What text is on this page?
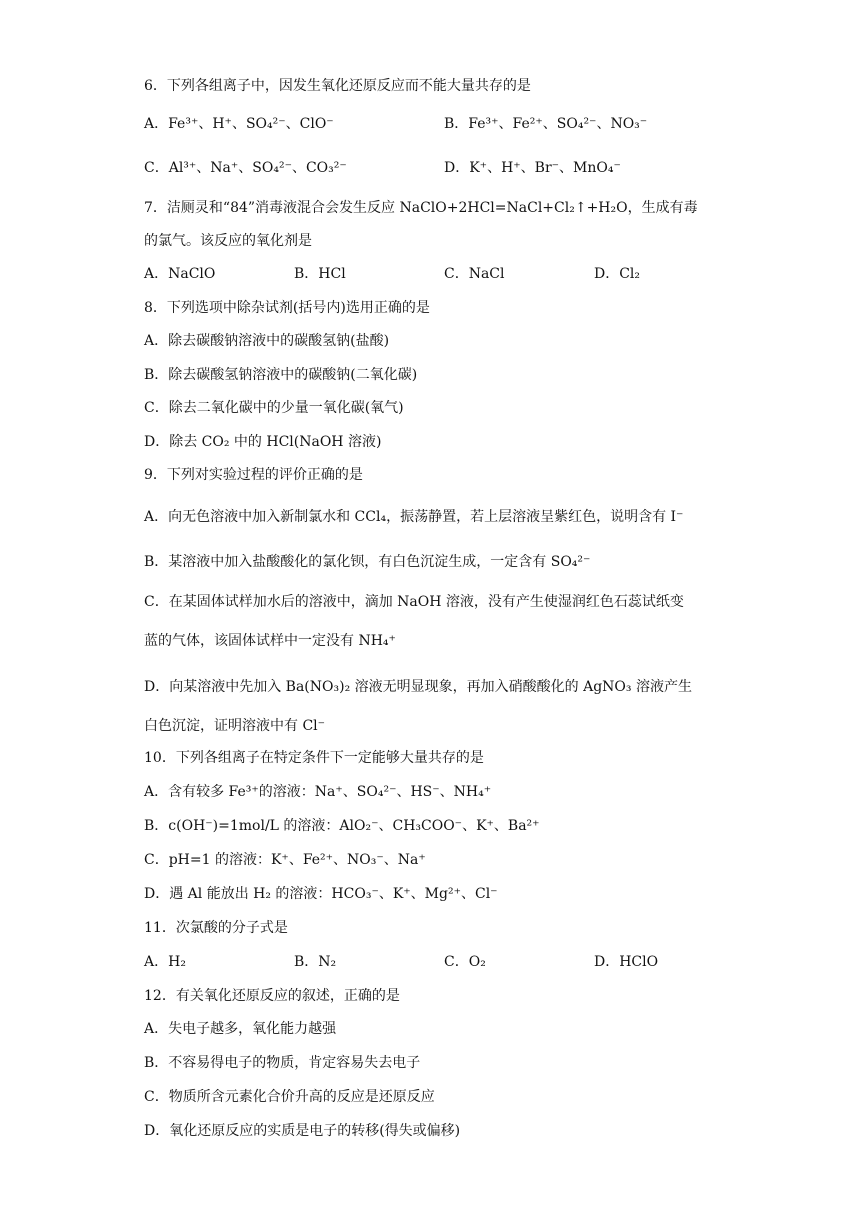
6．下列各组离子中，因发生氧化还原反应而不能大量共存的是
A．Fe³⁺、H⁺、SO₄²⁻、ClO⁻	B．Fe³⁺、Fe²⁺、SO₄²⁻、NO₃⁻
C．Al³⁺、Na⁺、SO₄²⁻、CO₃²⁻	D．K⁺、H⁺、Br⁻、MnO₄⁻
7．洁厕灵和“84”消毒液混合会发生反应 NaClO+2HCl=NaCl+Cl₂↑+H₂O，生成有毒
的氯气。该反应的氧化剂是
A．NaClO	B．HCl	C．NaCl	D．Cl₂
8．下列选项中除杂试剂(括号内)选用正确的是
A．除去碳酸钠溶液中的碳酸氢钠(盐酸)
B．除去碳酸氢钠溶液中的碳酸钠(二氧化碳)
C．除去二氧化碳中的少量一氧化碳(氧气)
D．除去 CO₂ 中的 HCl(NaOH 溶液)
9．下列对实验过程的评价正确的是
A．向无色溶液中加入新制氯水和 CCl₄，振荡静置，若上层溶液呈紫红色，说明含有 I⁻
B．某溶液中加入盐酸酸化的氯化钡，有白色沉淀生成，一定含有 SO₄²⁻
C．在某固体试样加水后的溶液中，滴加 NaOH 溶液，没有产生使湿润红色石蕊试纸变
蓝的气体，该固体试样中一定没有 NH₄⁺
D．向某溶液中先加入 Ba(NO₃)₂ 溶液无明显现象，再加入硝酸酸化的 AgNO₃ 溶液产生
白色沉淀，证明溶液中有 Cl⁻
10．下列各组离子在特定条件下一定能够大量共存的是
A．含有较多 Fe³⁺的溶液：Na⁺、SO₄²⁻、HS⁻、NH₄⁺
B．c(OH⁻)=1mol/L 的溶液：AlO₂⁻、CH₃COO⁻、K⁺、Ba²⁺
C．pH=1 的溶液：K⁺、Fe²⁺、NO₃⁻、Na⁺
D．遇 Al 能放出 H₂ 的溶液：HCO₃⁻、K⁺、Mg²⁺、Cl⁻
11．次氯酸的分子式是
A．H₂	B．N₂	C．O₂	D．HClO
12．有关氧化还原反应的叙述，正确的是
A．失电子越多，氧化能力越强
B．不容易得电子的物质，肯定容易失去电子
C．物质所含元素化合价升高的反应是还原反应
D．氧化还原反应的实质是电子的转移(得失或偏移)
